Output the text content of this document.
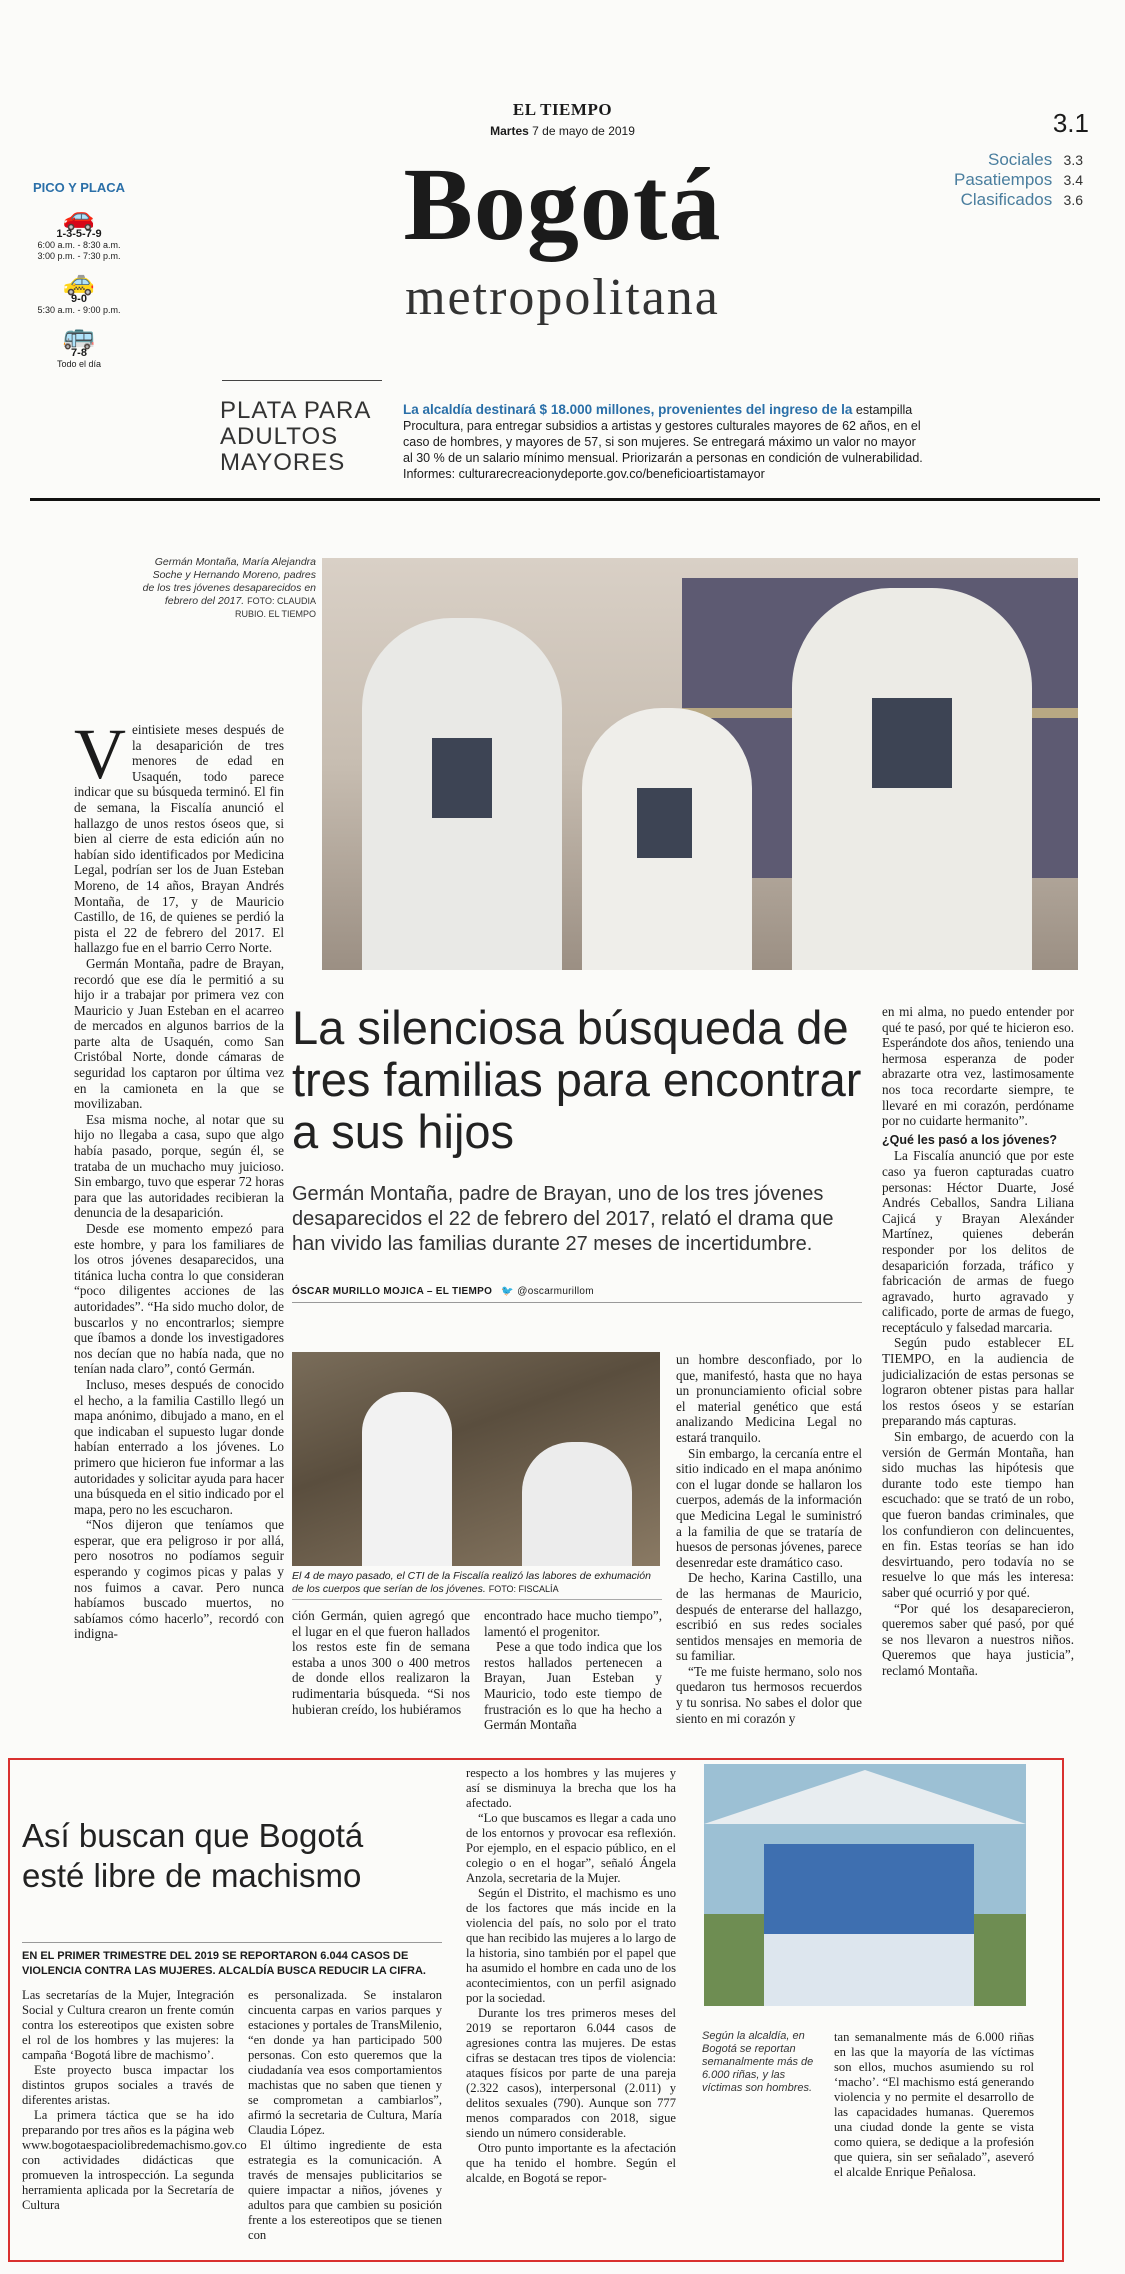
EL TIEMPO
Martes 7 de mayo de 2019	3.1
Sociales 3.3
Pasatiempos 3.4
Clasificados 3.6
Bogotá
metropolitana
PICO Y PLACA
🚗
1-3-5-7-9
6:00 a.m. - 8:30 a.m.
3:00 p.m. - 7:30 p.m.
🚕
9-0
5:30 a.m. - 9:00 p.m.
🚌
7-8
Todo el día
PLATA PARA ADULTOS MAYORES
La alcaldía destinará $ 18.000 millones, provenientes del ingreso de la estampilla Procultura, para entregar subsidios a artistas y gestores culturales mayores de 62 años, en el caso de hombres, y mayores de 57, si son mujeres. Se entregará máximo un valor no mayor al 30 % de un salario mínimo mensual. Priorizarán a personas en condición de vulnerabilidad. Informes: culturarecreacionydeporte.gov.co/beneficioartistamayor
Germán Montaña, María Alejandra Soche y Hernando Moreno, padres de los tres jóvenes desaparecidos en febrero del 2017. FOTO: CLAUDIA RUBIO. EL TIEMPO

Veintisiete meses después de la desaparición de tres menores de edad en Usaquén, todo parece indicar que su búsqueda terminó. El fin de semana, la Fiscalía anunció el hallazgo de unos restos óseos que, si bien al cierre de esta edición aún no habían sido identificados por Medicina Legal, podrían ser los de Juan Esteban Moreno, de 14 años, Brayan Andrés Montaña, de 17, y de Mauricio Castillo, de 16, de quienes se perdió la pista el 22 de febrero del 2017. El hallazgo fue en el barrio Cerro Norte.

Germán Montaña, padre de Brayan, recordó que ese día le permitió a su hijo ir a trabajar por primera vez con Mauricio y Juan Esteban en el acarreo de mercados en algunos barrios de la parte alta de Usaquén, como San Cristóbal Norte, donde cámaras de seguridad los captaron por última vez en la camioneta en la que se movilizaban.

Esa misma noche, al notar que su hijo no llegaba a casa, supo que algo había pasado, porque, según él, se trataba de un muchacho muy juicioso. Sin embargo, tuvo que esperar 72 horas para que las autoridades recibieran la denuncia de la desaparición.

Desde ese momento empezó para este hombre, y para los familiares de los otros jóvenes desaparecidos, una titánica lucha contra lo que consideran “poco diligentes acciones de las autoridades”. “Ha sido mucho dolor, de buscarlos y no encontrarlos; siempre que íbamos a donde los investigadores nos decían que no había nada, que no tenían nada claro”, contó Germán.

Incluso, meses después de conocido el hecho, a la familia Castillo llegó un mapa anónimo, dibujado a mano, en el que indicaban el supuesto lugar donde habían enterrado a los jóvenes. Lo primero que hicieron fue informar a las autoridades y solicitar ayuda para hacer una búsqueda en el sitio indicado por el mapa, pero no les escucharon.

“Nos dijeron que teníamos que esperar, que era peligroso ir por allá, pero nosotros no podíamos seguir esperando y cogimos picas y palas y nos fuimos a cavar. Pero nunca habíamos buscado muertos, no sabíamos cómo hacerlo”, recordó con indigna-

La silenciosa búsqueda de tres familias para encontrar a sus hijos
Germán Montaña, padre de Brayan, uno de los tres jóvenes desaparecidos el 22 de febrero del 2017, relató el drama que han vivido las familias durante 27 meses de incertidumbre.
ÓSCAR MURILLO MOJICA – EL TIEMPO 🐦 @oscarmurillom
El 4 de mayo pasado, el CTI de la Fiscalía realizó las labores de exhumación de los cuerpos que serían de los jóvenes. FOTO: FISCALÍA

ción Germán, quien agregó que el lugar en el que fueron hallados los restos este fin de semana estaba a unos 300 o 400 metros de donde ellos realizaron la rudimentaria búsqueda. “Si nos hubieran creído, los hubiéramos

encontrado hace mucho tiempo”, lamentó el progenitor.

Pese a que todo indica que los restos hallados pertenecen a Brayan, Juan Esteban y Mauricio, todo este tiempo de frustración es lo que ha hecho a Germán Montaña

un hombre desconfiado, por lo que, manifestó, hasta que no haya un pronunciamiento oficial sobre el material genético que está analizando Medicina Legal no estará tranquilo.

Sin embargo, la cercanía entre el sitio indicado en el mapa anónimo con el lugar donde se hallaron los cuerpos, además de la información que Medicina Legal le suministró a la familia de que se trataría de huesos de personas jóvenes, parece desenredar este dramático caso.

De hecho, Karina Castillo, una de las hermanas de Mauricio, después de enterarse del hallazgo, escribió en sus redes sociales sentidos mensajes en memoria de su familiar.

“Te me fuiste hermano, solo nos quedaron tus hermosos recuerdos y tu sonrisa. No sabes el dolor que siento en mi corazón y

en mi alma, no puedo entender por qué te pasó, por qué te hicieron eso. Esperándote dos años, teniendo una hermosa esperanza de poder abrazarte otra vez, lastimosamente nos toca recordarte siempre, te llevaré en mi corazón, perdóname por no cuidarte hermanito”.

¿Qué les pasó a los jóvenes?

La Fiscalía anunció que por este caso ya fueron capturadas cuatro personas: Héctor Duarte, José Andrés Ceballos, Sandra Liliana Cajicá y Brayan Alexánder Martínez, quienes deberán responder por los delitos de desaparición forzada, tráfico y fabricación de armas de fuego agravado, hurto agravado y calificado, porte de armas de fuego, receptáculo y falsedad marcaria.

Según pudo establecer EL TIEMPO, en la audiencia de judicialización de estas personas se lograron obtener pistas para hallar los restos óseos y se estarían preparando más capturas.

Sin embargo, de acuerdo con la versión de Germán Montaña, han sido muchas las hipótesis que durante todo este tiempo han escuchado: que se trató de un robo, que fueron bandas criminales, que los confundieron con delincuentes, en fin. Estas teorías se han ido desvirtuando, pero todavía no se resuelve lo que más les interesa: saber qué ocurrió y por qué.

“Por qué los desaparecieron, queremos saber qué pasó, por qué se nos llevaron a nuestros niños. Queremos que haya justicia”, reclamó Montaña.

Así buscan que Bogotá esté libre de machismo
EN EL PRIMER TRIMESTRE DEL 2019 SE REPORTARON 6.044 CASOS DE VIOLENCIA CONTRA LAS MUJERES. ALCALDÍA BUSCA REDUCIR LA CIFRA.

Las secretarías de la Mujer, Integración Social y Cultura crearon un frente común contra los estereotipos que existen sobre el rol de los hombres y las mujeres: la campaña ‘Bogotá libre de machismo’.

Este proyecto busca impactar los distintos grupos sociales a través de diferentes aristas.

La primera táctica que se ha ido preparando por tres años es la página web www.bogotaespaciolibredemachismo.gov.co con actividades didácticas que promueven la introspección. La segunda herramienta aplicada por la Secretaría de Cultura

es personalizada. Se instalaron cincuenta carpas en varios parques y estaciones y portales de TransMilenio, “en donde ya han participado 500 personas. Con esto queremos que la ciudadanía vea esos comportamientos machistas que no saben que tienen y se comprometan a cambiarlos”, afirmó la secretaria de Cultura, María Claudia López.

El último ingrediente de esta estrategia es la comunicación. A través de mensajes publicitarios se quiere impactar a niños, jóvenes y adultos para que cambien su posición frente a los estereotipos que se tienen con

respecto a los hombres y las mujeres y así se disminuya la brecha que los ha afectado.

“Lo que buscamos es llegar a cada uno de los entornos y provocar esa reflexión. Por ejemplo, en el espacio público, en el colegio o en el hogar”, señaló Ángela Anzola, secretaria de la Mujer.

Según el Distrito, el machismo es uno de los factores que más incide en la violencia del país, no solo por el trato que han recibido las mujeres a lo largo de la historia, sino también por el papel que ha asumido el hombre en cada uno de los acontecimientos, con un perfil asignado por la sociedad.

Durante los tres primeros meses del 2019 se reportaron 6.044 casos de agresiones contra las mujeres. De estas cifras se destacan tres tipos de violencia: ataques físicos por parte de una pareja (2.322 casos), interpersonal (2.011) y delitos sexuales (790). Aunque son 777 menos comparados con 2018, sigue siendo un número considerable.

Otro punto importante es la afectación que ha tenido el hombre. Según el alcalde, en Bogotá se repor-

Según la alcaldía, en Bogotá se reportan semanalmente más de 6.000 riñas, y las víctimas son hombres.

tan semanalmente más de 6.000 riñas en las que la mayoría de las víctimas son ellos, muchos asumiendo su rol ‘macho’. “El machismo está generando violencia y no permite el desarrollo de las capacidades humanas. Queremos una ciudad donde la gente se vista como quiera, se dedique a la profesión que quiera, sin ser señalado”, aseveró el alcalde Enrique Peñalosa.
